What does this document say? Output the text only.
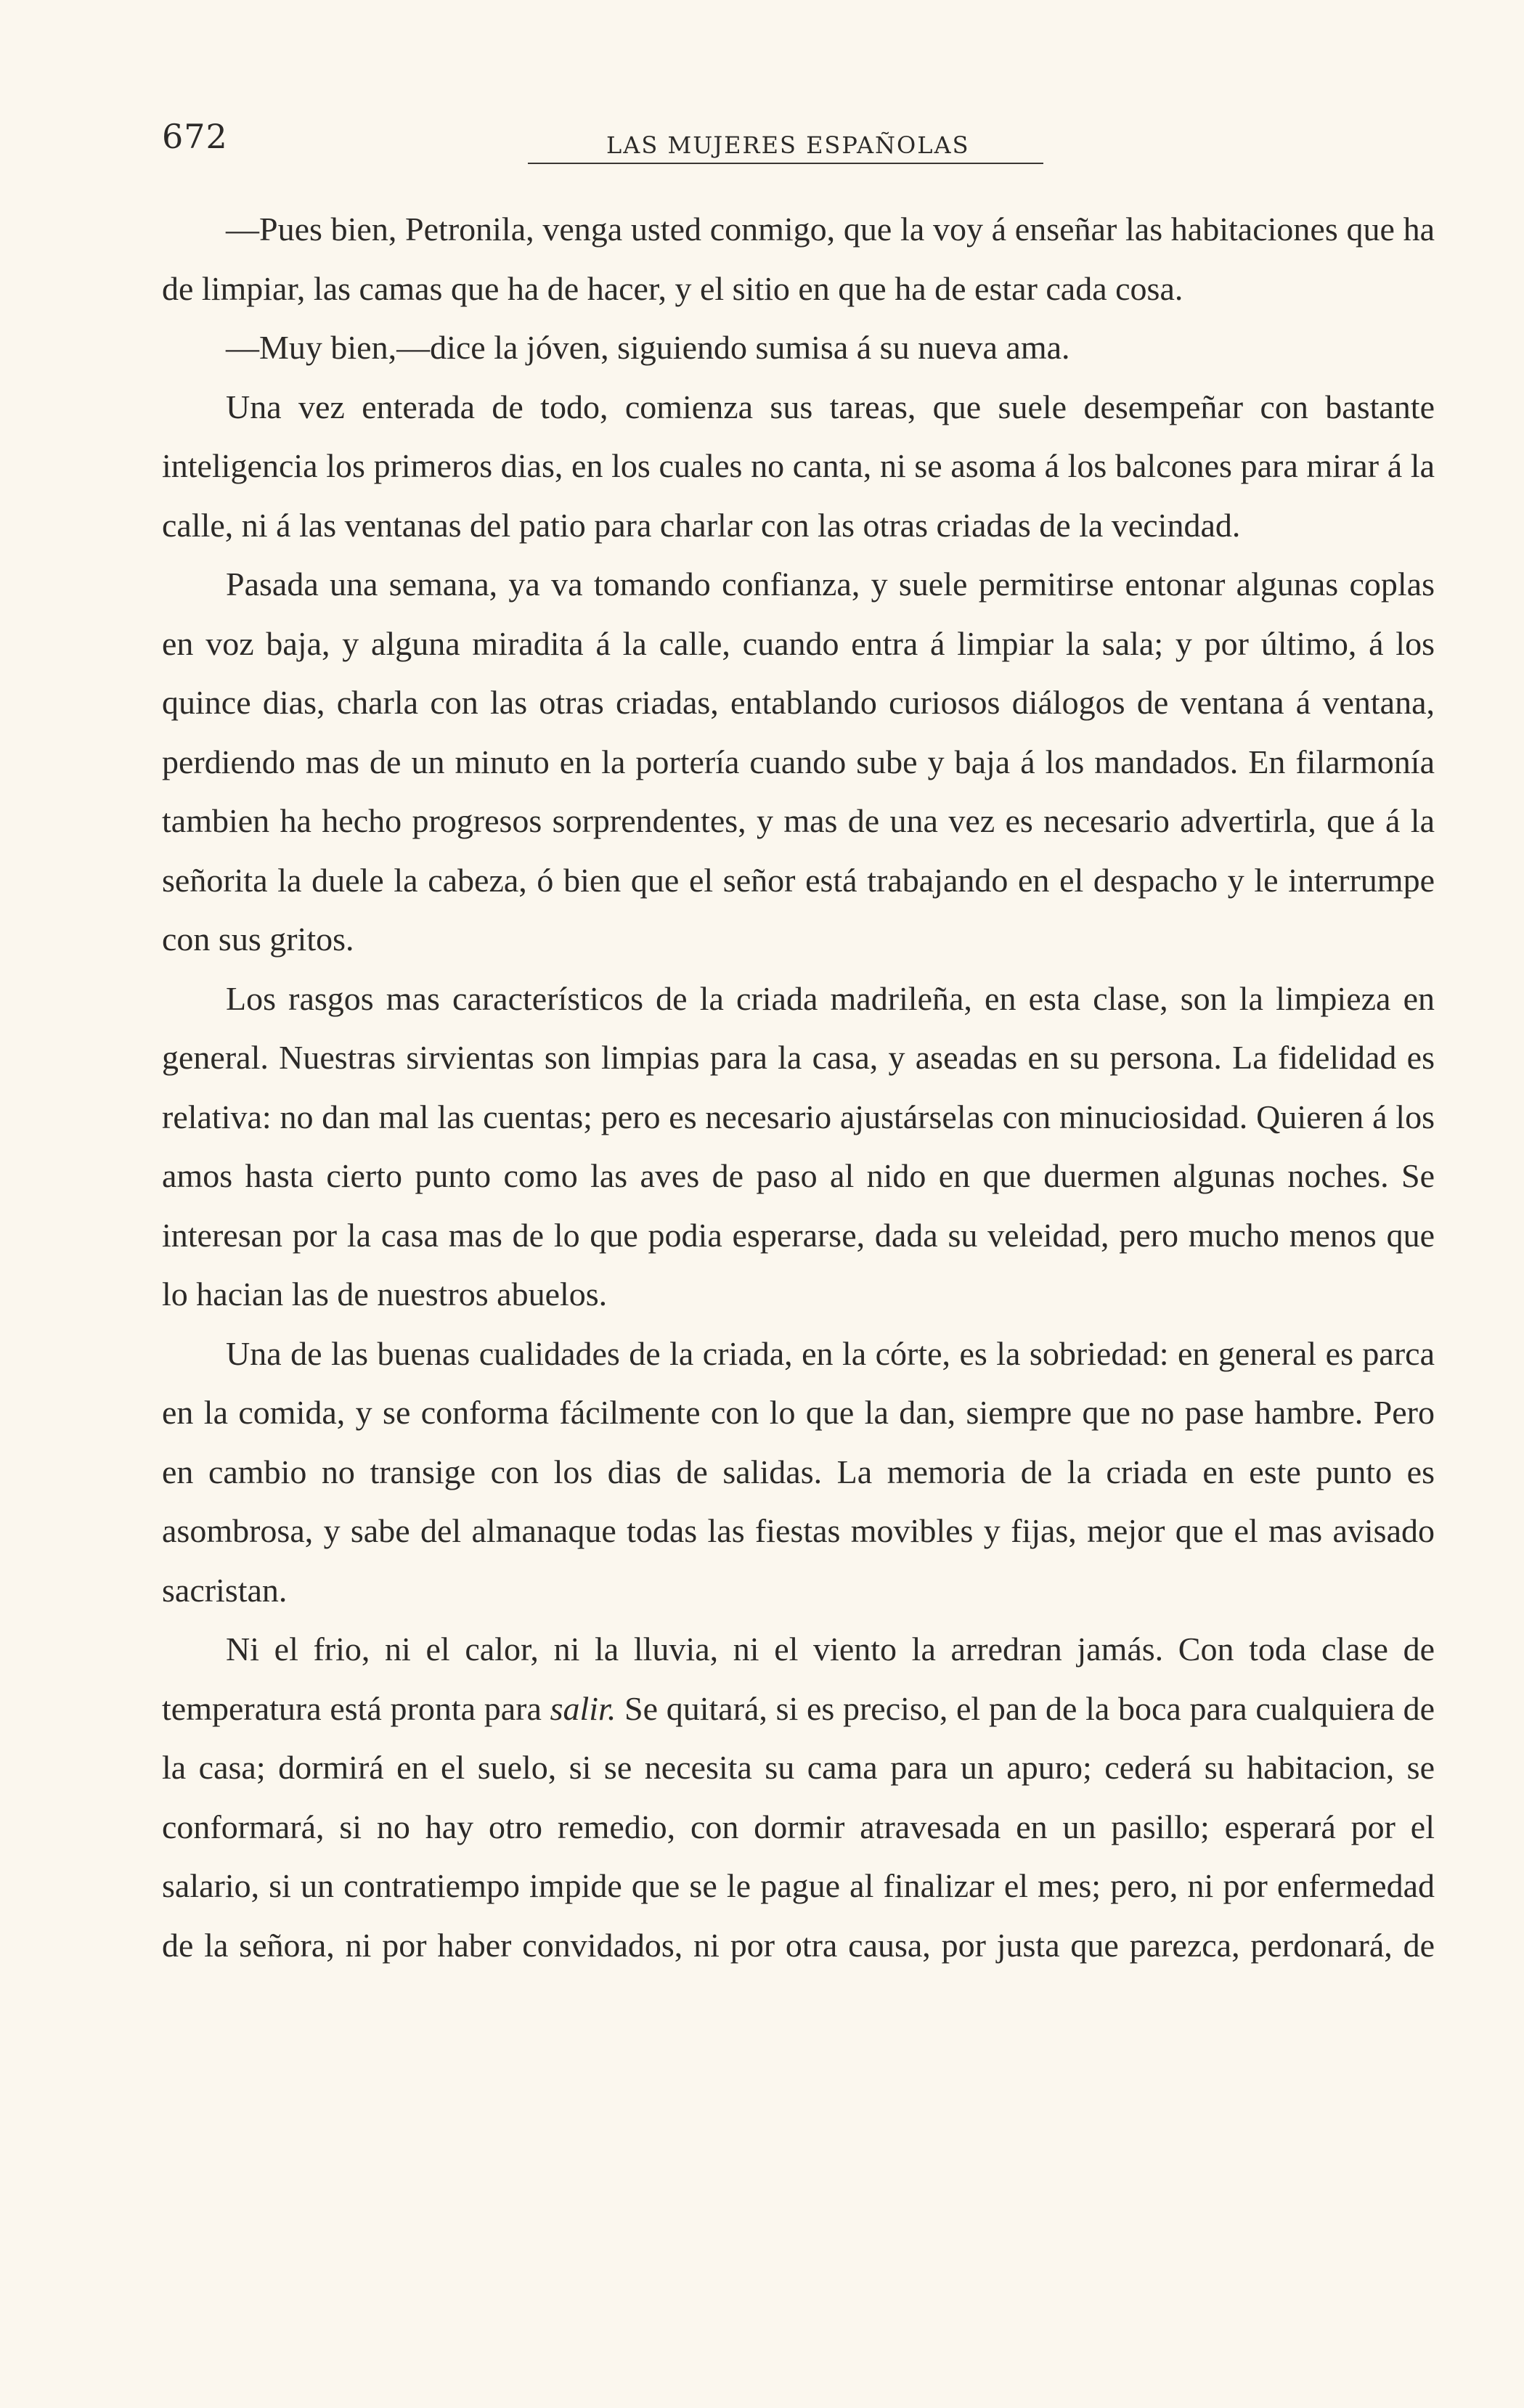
672	LAS MUJERES ESPAÑOLAS

—Pues bien, Petronila, venga usted conmigo, que la voy á enseñar las habitaciones que ha de limpiar, las camas que ha de hacer, y el sitio en que ha de estar cada cosa.

—Muy bien,—dice la jóven, siguiendo sumisa á su nueva ama.

Una vez enterada de todo, comienza sus tareas, que suele desempeñar con bastante inteligencia los primeros dias, en los cuales no canta, ni se asoma á los balcones para mirar á la calle, ni á las ventanas del patio para charlar con las otras criadas de la vecindad.

Pasada una semana, ya va tomando confianza, y suele permitirse entonar algunas coplas en voz baja, y alguna miradita á la calle, cuando entra á limpiar la sala; y por último, á los quince dias, charla con las otras criadas, entablando curiosos diálogos de ventana á ventana, perdiendo mas de un minuto en la portería cuando sube y baja á los mandados. En filarmonía tambien ha hecho progresos sorprendentes, y mas de una vez es necesario advertirla, que á la señorita la duele la cabeza, ó bien que el señor está trabajando en el despacho y le interrumpe con sus gritos.

Los rasgos mas característicos de la criada madrileña, en esta clase, son la limpieza en general. Nuestras sirvientas son limpias para la casa, y aseadas en su persona. La fidelidad es relativa: no dan mal las cuentas; pero es necesario ajustárselas con minuciosidad. Quieren á los amos hasta cierto punto como las aves de paso al nido en que duermen algunas noches. Se interesan por la casa mas de lo que podia esperarse, dada su veleidad, pero mucho menos que lo hacian las de nuestros abuelos.

Una de las buenas cualidades de la criada, en la córte, es la sobriedad: en general es parca en la comida, y se conforma fácilmente con lo que la dan, siempre que no pase hambre. Pero en cambio no transige con los dias de salidas. La memoria de la criada en este punto es asombrosa, y sabe del almanaque todas las fiestas movibles y fijas, mejor que el mas avisado sacristan.

Ni el frio, ni el calor, ni la lluvia, ni el viento la arredran jamás. Con toda clase de temperatura está pronta para salir. Se quitará, si es preciso, el pan de la boca para cualquiera de la casa; dormirá en el suelo, si se necesita su cama para un apuro; cederá su habitacion, se conformará, si no hay otro remedio, con dormir atravesada en un pasillo; esperará por el salario, si un contratiempo impide que se le pague al finalizar el mes; pero, ni por enfermedad de la señora, ni por haber convidados, ni por otra causa, por justa que parezca, perdonará, de
